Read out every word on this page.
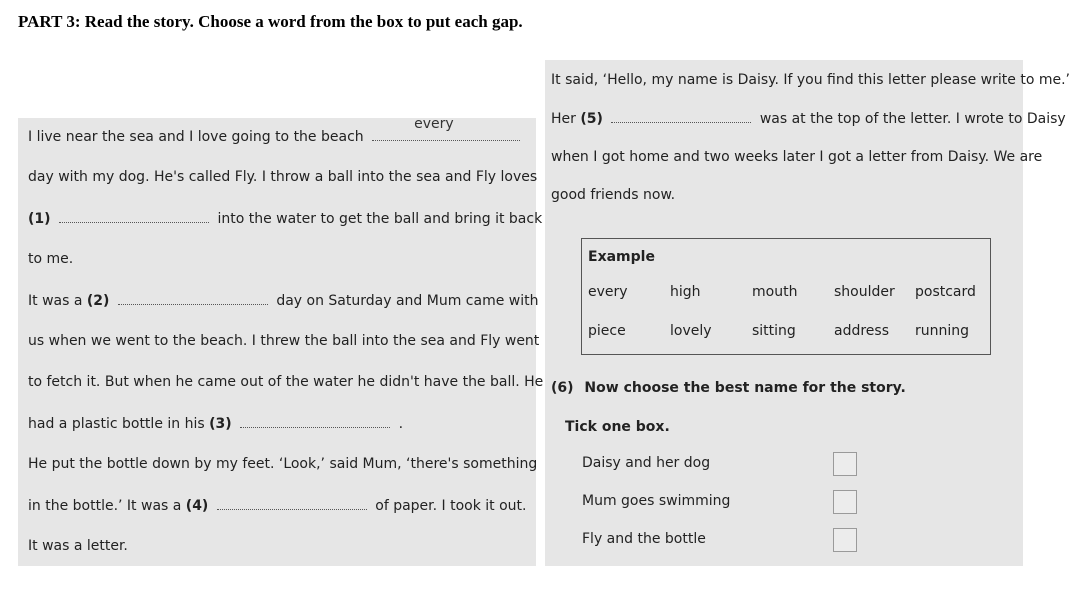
PART 3: Read the story. Choose a word from the box to put each gap.
I live near the sea and I love going to the beach
every
day with my dog. He's called Fly. I throw a ball into the sea and Fly loves
(1)	into the water to get the ball and bring it back
to me.
It was a (2)	day on Saturday and Mum came with
us when we went to the beach. I threw the ball into the sea and Fly went
to fetch it. But when he came out of the water he didn't have the ball. He
had a plastic bottle in his (3)	.
He put the bottle down by my feet. ‘Look,’ said Mum, ‘there's something
in the bottle.’ It was a (4)	of paper. I took it out.
It was a letter.
It said, ‘Hello, my name is Daisy. If you find this letter please write to me.’
Her (5)	was at the top of the letter. I wrote to Daisy
when I got home and two weeks later I got a letter from Daisy. We are
good friends now.
Example
every	high	mouth	shoulder postcard
piece	lovely	sitting	address running
(6) Now choose the best name for the story.
Tick one box.
Daisy and her dog
Mum goes swimming
Fly and the bottle
